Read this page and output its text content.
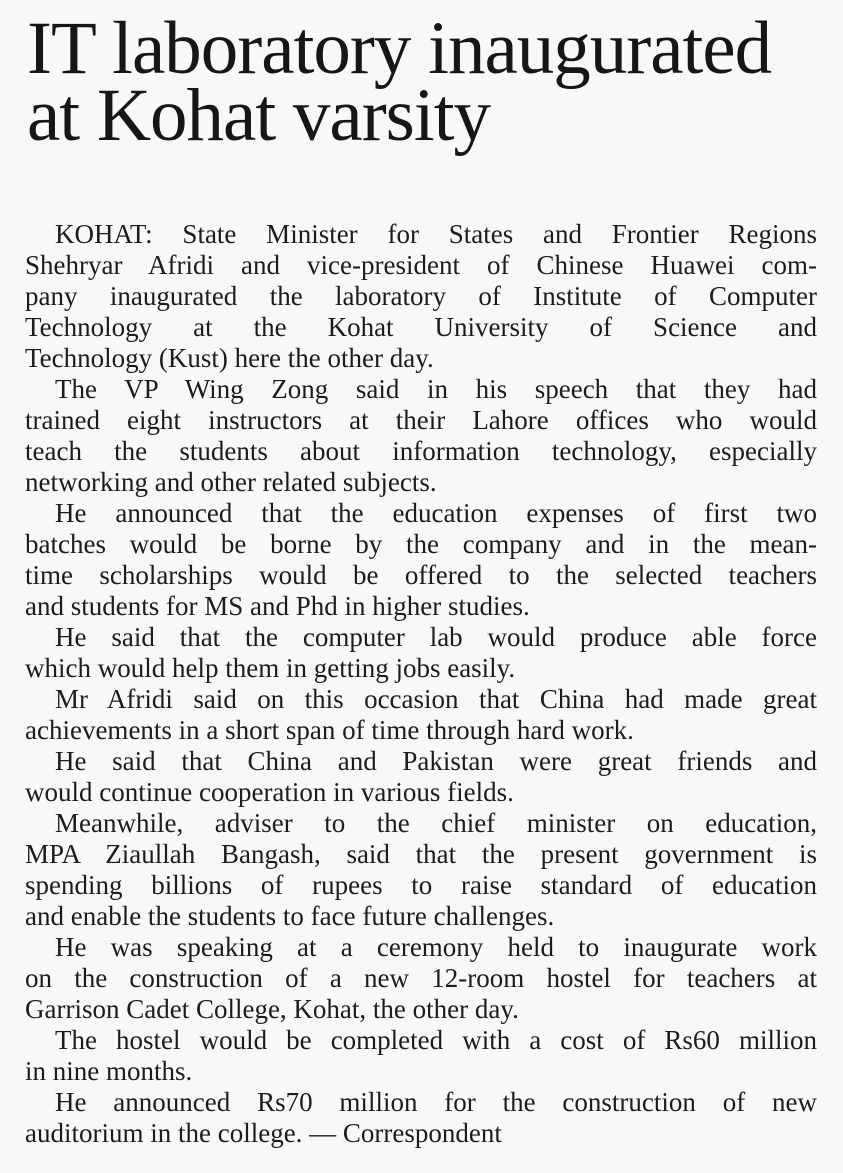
IT laboratory inaugurated
at Kohat varsity
KOHAT: State Minister for States and Frontier Regions
Shehryar Afridi and vice-president of Chinese Huawei com-
pany inaugurated the laboratory of Institute of Computer
Technology at the Kohat University of Science and
Technology (Kust) here the other day.
The VP Wing Zong said in his speech that they had
trained eight instructors at their Lahore offices who would
teach the students about information technology, especially
networking and other related subjects.
He announced that the education expenses of first two
batches would be borne by the company and in the mean-
time scholarships would be offered to the selected teachers
and students for MS and Phd in higher studies.
He said that the computer lab would produce able force
which would help them in getting jobs easily.
Mr Afridi said on this occasion that China had made great
achievements in a short span of time through hard work.
He said that China and Pakistan were great friends and
would continue cooperation in various fields.
Meanwhile, adviser to the chief minister on education,
MPA Ziaullah Bangash, said that the present government is
spending billions of rupees to raise standard of education
and enable the students to face future challenges.
He was speaking at a ceremony held to inaugurate work
on the construction of a new 12-room hostel for teachers at
Garrison Cadet College, Kohat, the other day.
The hostel would be completed with a cost of Rs60 million
in nine months.
He announced Rs70 million for the construction of new
auditorium in the college. — Correspondent
